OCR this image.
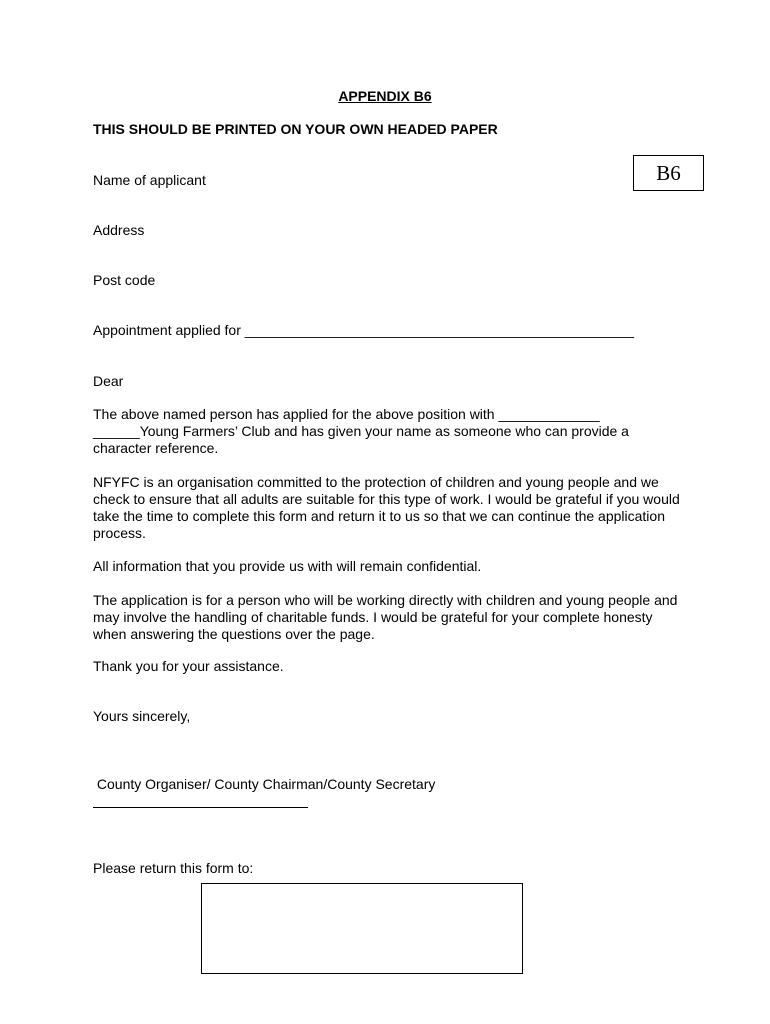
APPENDIX B6
THIS SHOULD BE PRINTED ON YOUR OWN HEADED PAPER
B6
Name of applicant
Address
Post code
Appointment applied for __________________________________________________
Dear
The above named person has applied for the above position with _____________ ______Young Farmers’ Club and has given your name as someone who can provide a character reference.
NFYFC is an organisation committed to the protection of children and young people and we check to ensure that all adults are suitable for this type of work. I would be grateful if you would take the time to complete this form and return it to us so that we can continue the application process.
All information that you provide us with will remain confidential.
The application is for a person who will be working directly with children and young people and may involve the handling of charitable funds. I would be grateful for your complete honesty when answering the questions over the page.
Thank you for your assistance.
Yours sincerely,
County Organiser/ County Chairman/County Secretary
Please return this form to:
